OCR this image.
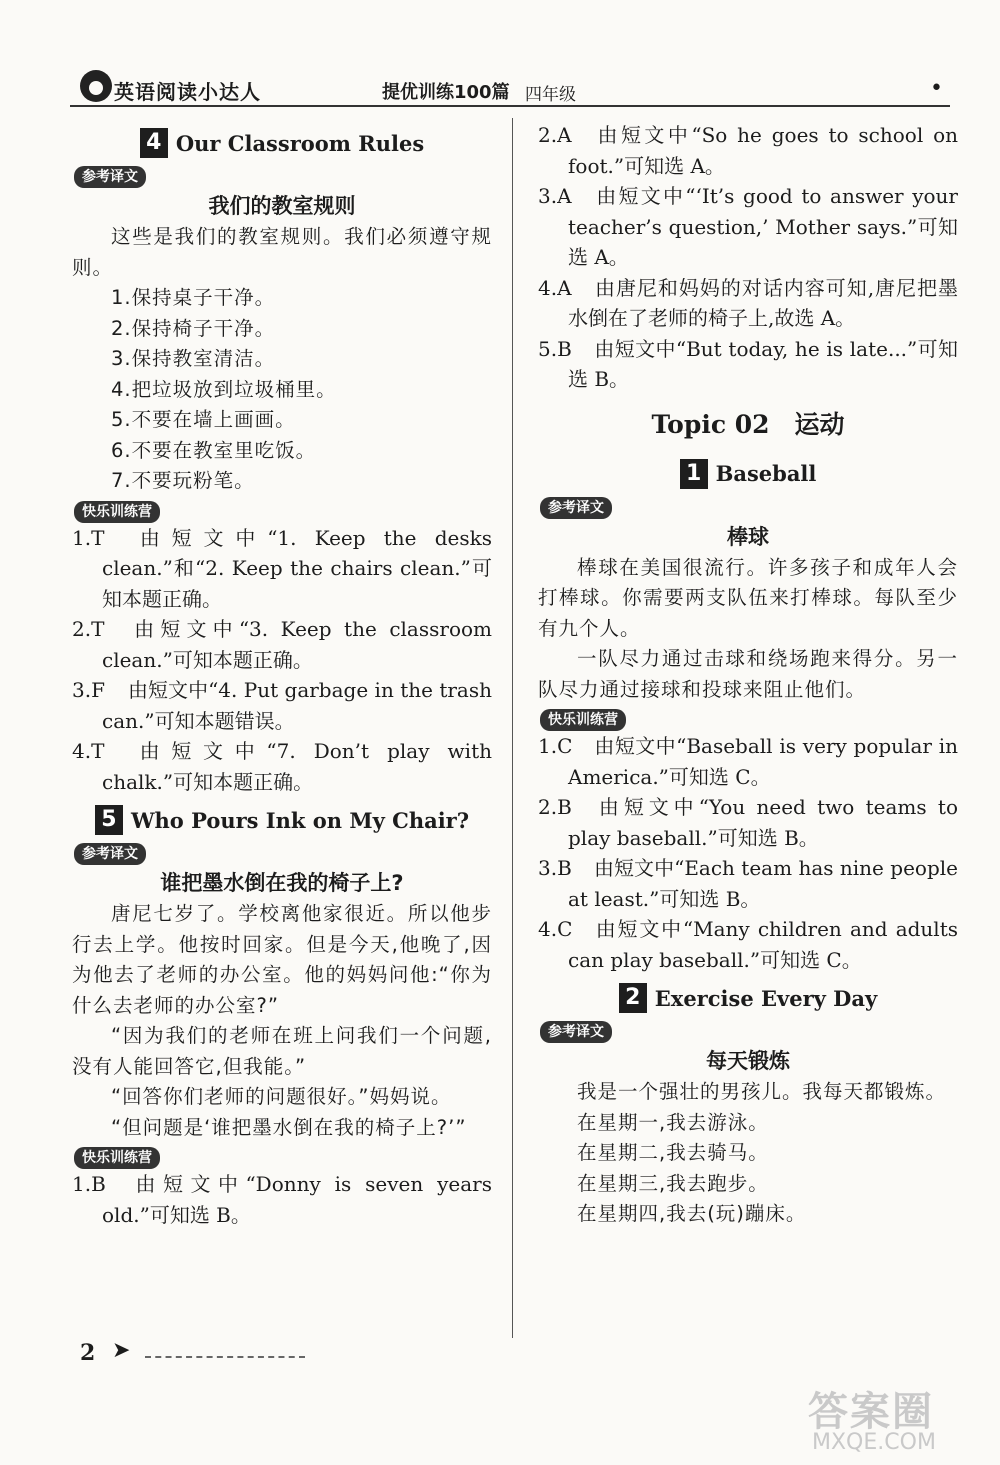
英语阅读小达人	提优训练100篇 四年级	•
4 Our Classroom Rules
参考译文
我们的教室规则
这些是我们的教室规则。我们必须遵守规则。
1.保持桌子干净。
2.保持椅子干净。
3.保持教室清洁。
4.把垃圾放到垃圾桶里。
5.不要在墙上画画。
6.不要在教室里吃饭。
7.不要玩粉笔。
快乐训练营
1.T 由短文中“1. Keep the desks clean.”和“2. Keep the chairs clean.”可知本题正确。
2.T 由短文中“3. Keep the classroom clean.”可知本题正确。
3.F 由短文中“4. Put garbage in the trash can.”可知本题错误。
4.T 由短文中“7. Don’t play with chalk.”可知本题正确。
5 Who Pours Ink on My Chair?
参考译文
谁把墨水倒在我的椅子上?
唐尼七岁了。学校离他家很近。所以他步行去上学。他按时回家。但是今天,他晚了,因为他去了老师的办公室。他的妈妈问他:“你为什么去老师的办公室?”
“因为我们的老师在班上问我们一个问题,没有人能回答它,但我能。”
“回答你们老师的问题很好。”妈妈说。
“但问题是‘谁把墨水倒在我的椅子上?’”
快乐训练营
1.B 由短文中“Donny is seven years old.”可知选 B。
2.A 由短文中“So he goes to school on foot.”可知选 A。
3.A 由短文中“‘It’s good to answer your teacher’s question,’ Mother says.”可知选 A。
4.A 由唐尼和妈妈的对话内容可知,唐尼把墨水倒在了老师的椅子上,故选 A。
5.B 由短文中“But today, he is late...”可知选 B。
Topic 02　运动
1 Baseball
参考译文
棒球
棒球在美国很流行。许多孩子和成年人会打棒球。你需要两支队伍来打棒球。每队至少有九个人。
一队尽力通过击球和绕场跑来得分。另一队尽力通过接球和投球来阻止他们。
快乐训练营
1.C 由短文中“Baseball is very popular in America.”可知选 C。
2.B 由短文中“You need two teams to play baseball.”可知选 B。
3.B 由短文中“Each team has nine people at least.”可知选 B。
4.C 由短文中“Many children and adults can play baseball.”可知选 C。
2 Exercise Every Day
参考译文
每天锻炼
我是一个强壮的男孩儿。我每天都锻炼。
在星期一,我去游泳。
在星期二,我去骑马。
在星期三,我去跑步。
在星期四,我去(玩)蹦床。
2 ➤
答案圈
MXQE.COM
